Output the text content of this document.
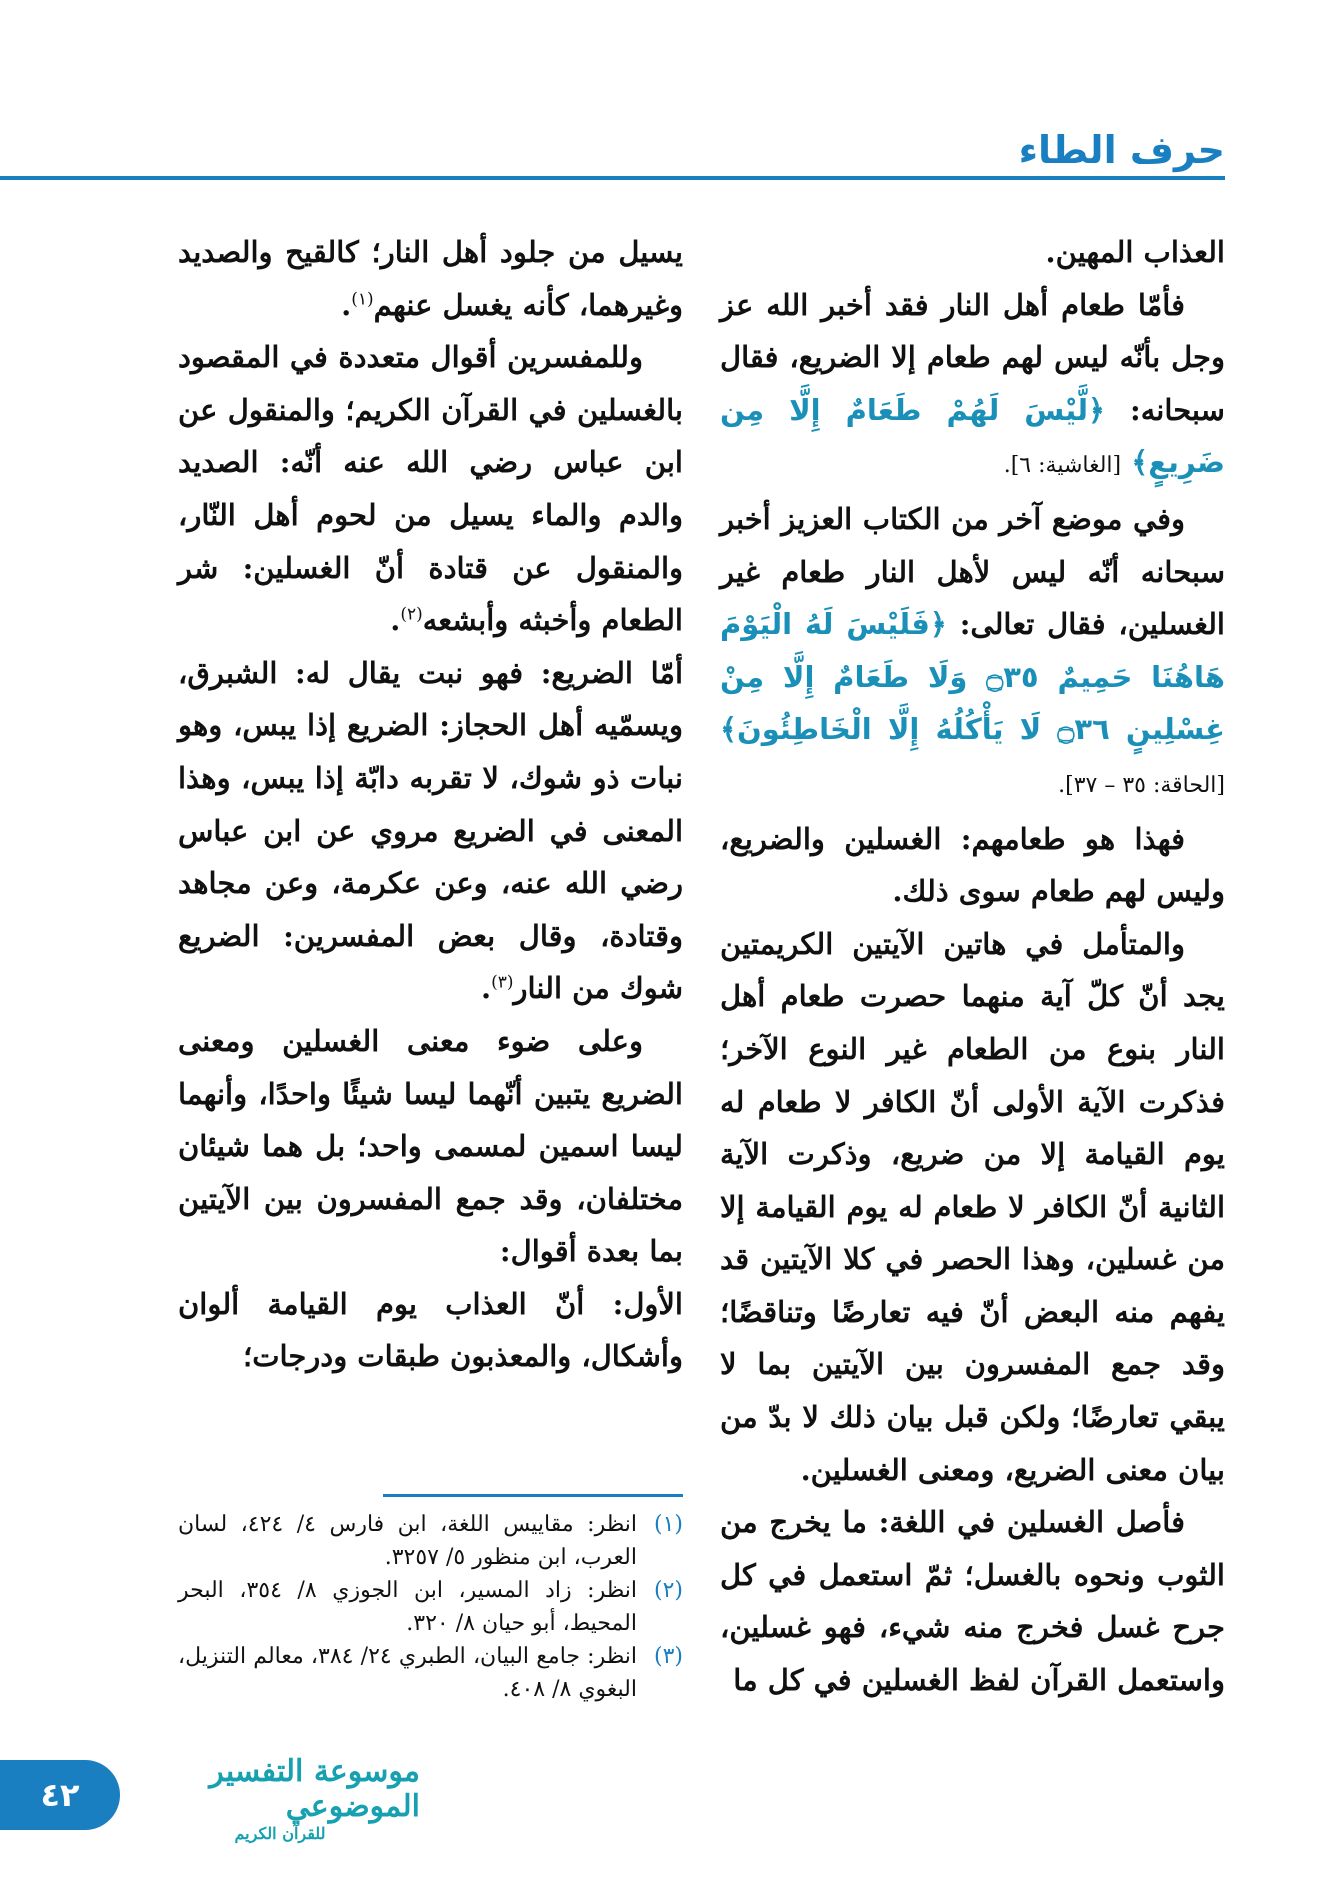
حرف الطاء

العذاب المهين.

فأمّا طعام أهل النار فقد أخبر الله عز وجل بأنّه ليس لهم طعام إلا الضريع، فقال سبحانه: ﴿لَّيْسَ لَهُمْ طَعَامٌ إِلَّا مِن ضَرِيعٍ﴾ [الغاشية: ٦].

وفي موضع آخر من الكتاب العزيز أخبر سبحانه أنّه ليس لأهل النار طعام غير الغسلين، فقال تعالى: ﴿فَلَيْسَ لَهُ الْيَوْمَ هَاهُنَا حَمِيمٌ ۝٣٥ وَلَا طَعَامٌ إِلَّا مِنْ غِسْلِينٍ ۝٣٦ لَا يَأْكُلُهُ إِلَّا الْخَاطِئُونَ﴾ [الحاقة: ٣٥ – ٣٧].

فهذا هو طعامهم: الغسلين والضريع، وليس لهم طعام سوى ذلك.

والمتأمل في هاتين الآيتين الكريمتين يجد أنّ كلّ آية منهما حصرت طعام أهل النار بنوع من الطعام غير النوع الآخر؛ فذكرت الآية الأولى أنّ الكافر لا طعام له يوم القيامة إلا من ضريع، وذكرت الآية الثانية أنّ الكافر لا طعام له يوم القيامة إلا من غسلين، وهذا الحصر في كلا الآيتين قد يفهم منه البعض أنّ فيه تعارضًا وتناقضًا؛ وقد جمع المفسرون بين الآيتين بما لا يبقي تعارضًا؛ ولكن قبل بيان ذلك لا بدّ من بيان معنى الضريع، ومعنى الغسلين.

فأصل الغسلين في اللغة: ما يخرج من الثوب ونحوه بالغسل؛ ثمّ استعمل في كل جرح غسل فخرج منه شيء، فهو غسلين، واستعمل القرآن لفظ الغسلين في كل ما

يسيل من جلود أهل النار؛ كالقيح والصديد وغيرهما، كأنه يغسل عنهم$^{(١)}$.

وللمفسرين أقوال متعددة في المقصود بالغسلين في القرآن الكريم؛ والمنقول عن ابن عباس رضي الله عنه أنّه: الصديد والدم والماء يسيل من لحوم أهل النّار، والمنقول عن قتادة أنّ الغسلين: شر الطعام وأخبثه وأبشعه$^{(٢)}$.

أمّا الضريع: فهو نبت يقال له: الشبرق، ويسمّيه أهل الحجاز: الضريع إذا يبس، وهو نبات ذو شوك، لا تقربه دابّة إذا يبس، وهذا المعنى في الضريع مروي عن ابن عباس رضي الله عنه، وعن عكرمة، وعن مجاهد وقتادة، وقال بعض المفسرين: الضريع شوك من النار$^{(٣)}$.

وعلى ضوء معنى الغسلين ومعنى الضريع يتبين أنّهما ليسا شيئًا واحدًا، وأنهما ليسا اسمين لمسمى واحد؛ بل هما شيئان مختلفان، وقد جمع المفسرون بين الآيتين بما بعدة أقوال:

الأول: أنّ العذاب يوم القيامة ألوان وأشكال، والمعذبون طبقات ودرجات؛

(١)
انظر: مقاييس اللغة، ابن فارس ٤/ ٤٢٤، لسان العرب، ابن منظور ٥/ ٣٢٥٧.
(٢)
انظر: زاد المسير، ابن الجوزي ٨/ ٣٥٤، البحر المحيط، أبو حيان ٨/ ٣٢٠.
(٣)
انظر: جامع البيان، الطبري ٢٤/ ٣٨٤، معالم التنزيل، البغوي ٨/ ٤٠٨.
موسوعة التفسير الموضوعي
للقرآن الكريم
٤٢
